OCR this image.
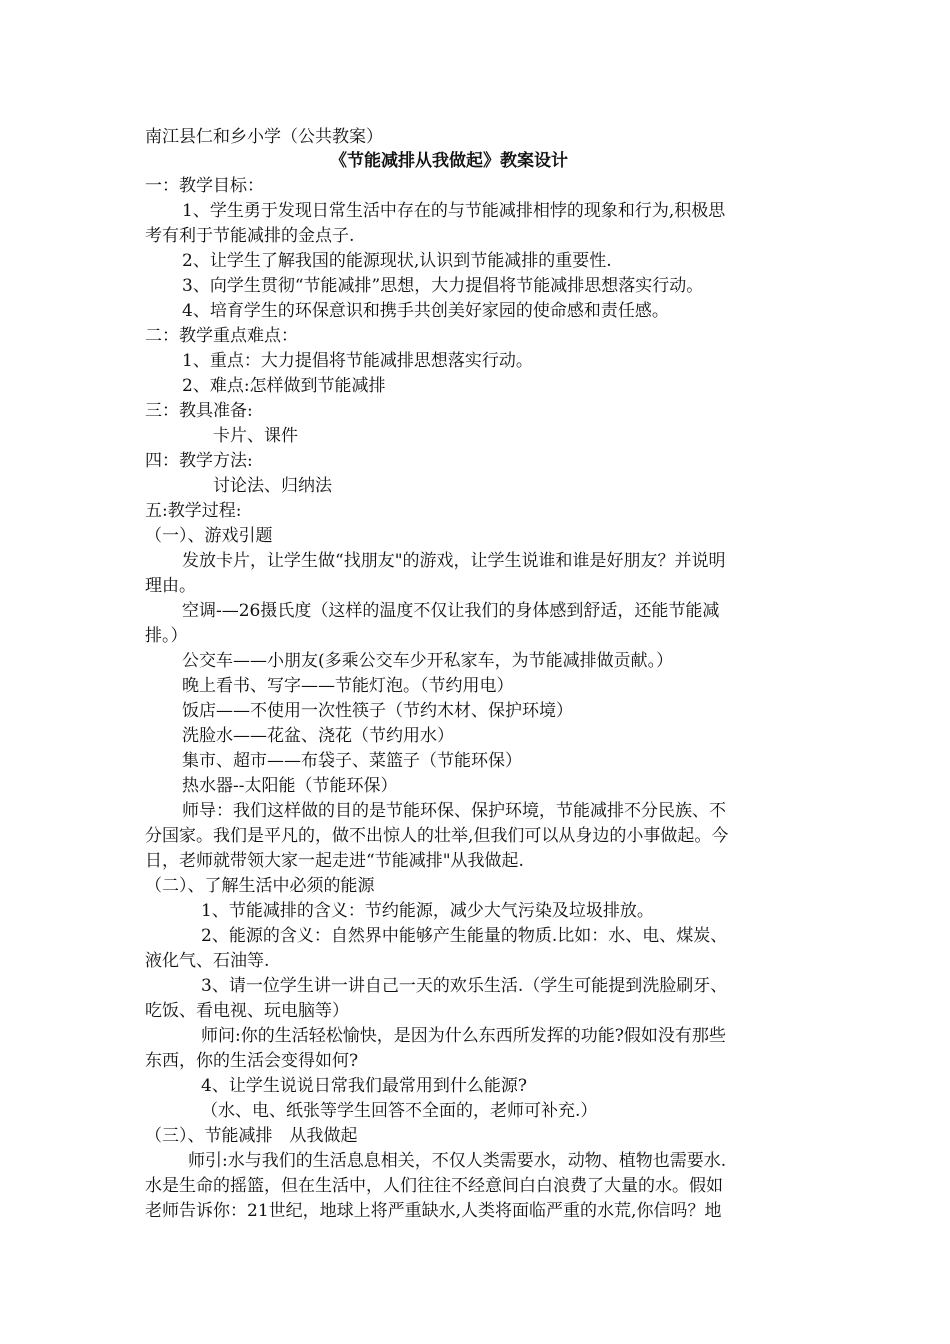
南江县仁和乡小学（公共教案）
《节能减排从我做起》教案设计
一：教学目标：
1、学生勇于发现日常生活中存在的与节能减排相悖的现象和行为,积极思
考有利于节能减排的金点子.
2、让学生了解我国的能源现状,认识到节能减排的重要性.
3、向学生贯彻“节能减排”思想，大力提倡将节能减排思想落实行动。
4、培育学生的环保意识和携手共创美好家园的使命感和责任感。
二：教学重点难点：
1、重点：大力提倡将节能减排思想落实行动。
2、难点:怎样做到节能减排
三：教具准备:
卡片、课件
四：教学方法:
讨论法、归纳法
五:教学过程:
（一）、游戏引题
发放卡片，让学生做“找朋友"的游戏，让学生说谁和谁是好朋友？并说明
理由。
空调-—26摄氏度（这样的温度不仅让我们的身体感到舒适，还能节能减
排。）
公交车——小朋友(多乘公交车少开私家车，为节能减排做贡献。）
晚上看书、写字——节能灯泡。（节约用电）
饭店——不使用一次性筷子（节约木材、保护环境）
洗脸水——花盆、浇花（节约用水）
集市、超市——布袋子、菜篮子（节能环保）
热水器--太阳能（节能环保）
师导：我们这样做的目的是节能环保、保护环境，节能减排不分民族、不
分国家。我们是平凡的，做不出惊人的壮举,但我们可以从身边的小事做起。今
日，老师就带领大家一起走进“节能减排"从我做起.
（二）、了解生活中必须的能源
1、节能减排的含义：节约能源，减少大气污染及垃圾排放。
2、能源的含义：自然界中能够产生能量的物质.比如：水、电、煤炭、
液化气、石油等.
3、请一位学生讲一讲自己一天的欢乐生活.（学生可能提到洗脸刷牙、
吃饭、看电视、玩电脑等）
师问:你的生活轻松愉快，是因为什么东西所发挥的功能?假如没有那些
东西，你的生活会变得如何?
4、让学生说说日常我们最常用到什么能源?
（水、电、纸张等学生回答不全面的，老师可补充.）
（三）、节能减排　从我做起
师引:水与我们的生活息息相关，不仅人类需要水，动物、植物也需要水.
水是生命的摇篮，但在生活中，人们往往不经意间白白浪费了大量的水。假如
老师告诉你：21世纪，地球上将严重缺水,人类将面临严重的水荒,你信吗？地
